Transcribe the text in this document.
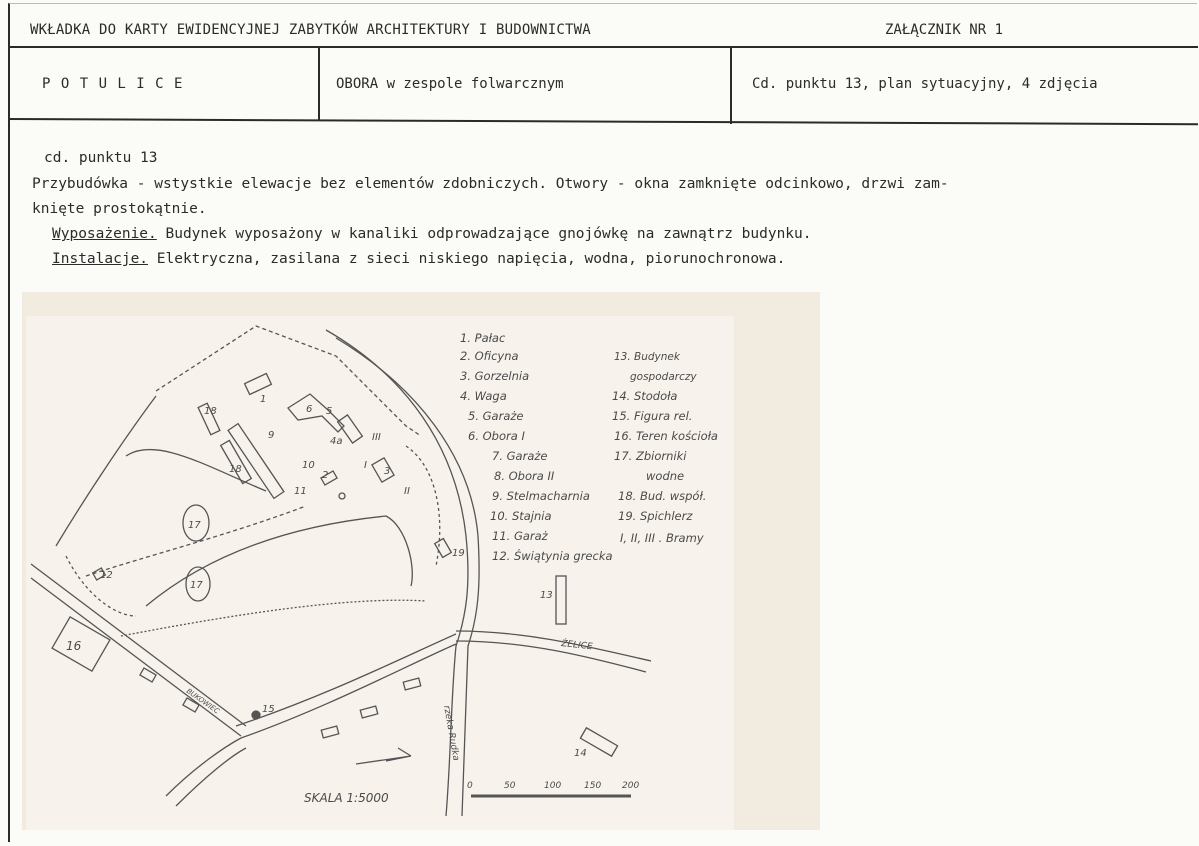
WKŁADKA DO KARTY EWIDENCYJNEJ ZABYTKÓW ARCHITEKTURY I BUDOWNICTWA	ZAŁĄCZNIK NR 1
P O T U L I C E	OBORA w zespole folwarcznym	Cd. punktu 13, plan sytuacyjny, 4 zdjęcia
cd. punktu 13
Przybudówka - wstystkie elewacje bez elementów zdobniczych. Otwory - okna zamknięte odcinkowo, drzwi zam-
knięte prostokątnie.
Wyposażenie. Budynek wyposażony w kanaliki odprowadzające gnojówkę na zawnątrz budynku.
Instalacje. Elektryczna, zasilana z sieci niskiego napięcia, wodna, piorunochronowa.
18
18
9
10
11
2
1
5
6
4a
3
12
16
17
17
19
13
14
15
I
III
II
ŻELICE
rzeka Rudka
BUKOWIEC
SKALA 1:5000
0	50	100	150 200
1. Pałac
2. Oficyna
3. Gorzelnia
4. Waga
5. Garaże
6. Obora I
7. Garaże
8. Obora II
9. Stelmacharnia
10. Stajnia
11. Garaż
12. Świątynia grecka
13. Budynek
gospodarczy
14. Stodoła
15. Figura rel.
16. Teren kościoła
17. Zbiorniki
wodne
18. Bud. współ.
19. Spichlerz
I, II, III . Bramy
